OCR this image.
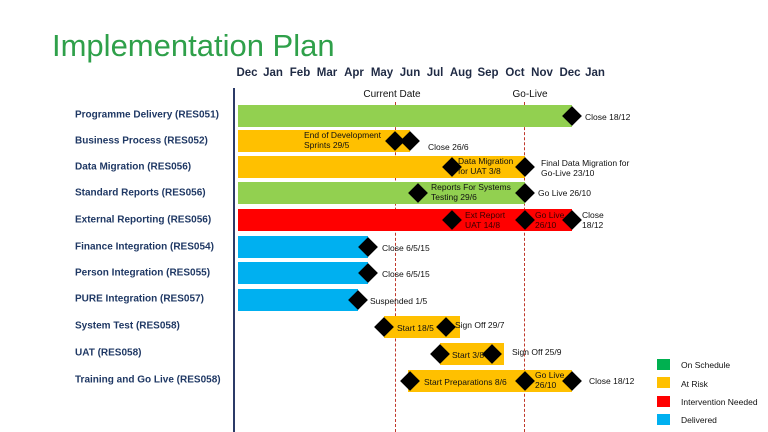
Implementation Plan
Dec Jan Feb Mar Apr May Jun Jul Aug Sep Oct Nov Dec Jan
Current Date	Go-Live
Programme Delivery (RES051)
Business Process (RES052)
Data Migration (RES056)
Standard Reports (RES056)
External Reporting (RES056)
Finance Integration (RES054)
Person Integration (RES055)
PURE Integration (RES057)
System Test (RES058)
UAT (RES058)
Training and Go Live (RES058)
Close 18/12
End of Development Sprints 29/5	Close 26/6
Data Migration for UAT 3/8
Final Data Migration for Go-Live 23/10
Reports For Systems Testing 29/6	Go Live 26/10
Ext Report UAT 14/8
Go Live 26/10
Close 18/12
Close 6/5/15
Close 6/5/15
Suspended 1/5
Start 18/5 Sign Off 29/7
Start 3/8	Sign Off 25/9
Start Preparations 8/6
Go Live 26/10	Close 18/12
On Schedule
At Risk
Intervention Needed
Delivered
